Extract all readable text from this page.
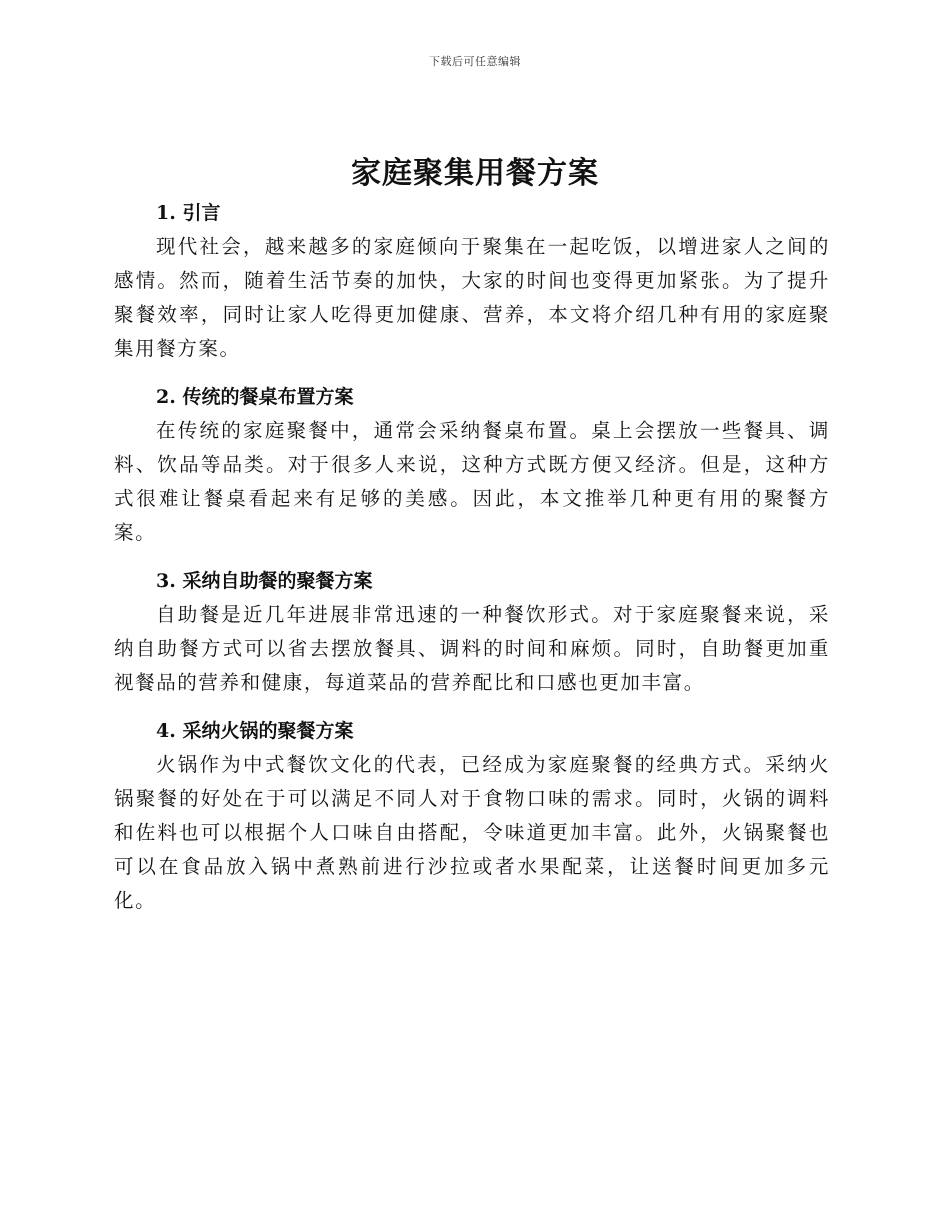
下载后可任意编辑
家庭聚集用餐方案
1. 引言

现代社会，越来越多的家庭倾向于聚集在一起吃饭，以增进家人之间的感情。然而，随着生活节奏的加快，大家的时间也变得更加紧张。为了提升聚餐效率，同时让家人吃得更加健康、营养，本文将介绍几种有用的家庭聚集用餐方案。

2. 传统的餐桌布置方案

在传统的家庭聚餐中，通常会采纳餐桌布置。桌上会摆放一些餐具、调料、饮品等品类。对于很多人来说，这种方式既方便又经济。但是，这种方式很难让餐桌看起来有足够的美感。因此，本文推举几种更有用的聚餐方案。

3. 采纳自助餐的聚餐方案

自助餐是近几年进展非常迅速的一种餐饮形式。对于家庭聚餐来说，采纳自助餐方式可以省去摆放餐具、调料的时间和麻烦。同时，自助餐更加重视餐品的营养和健康，每道菜品的营养配比和口感也更加丰富。

4. 采纳火锅的聚餐方案

火锅作为中式餐饮文化的代表，已经成为家庭聚餐的经典方式。采纳火锅聚餐的好处在于可以满足不同人对于食物口味的需求。同时，火锅的调料和佐料也可以根据个人口味自由搭配，令味道更加丰富。此外，火锅聚餐也可以在食品放入锅中煮熟前进行沙拉或者水果配菜，让送餐时间更加多元化。
